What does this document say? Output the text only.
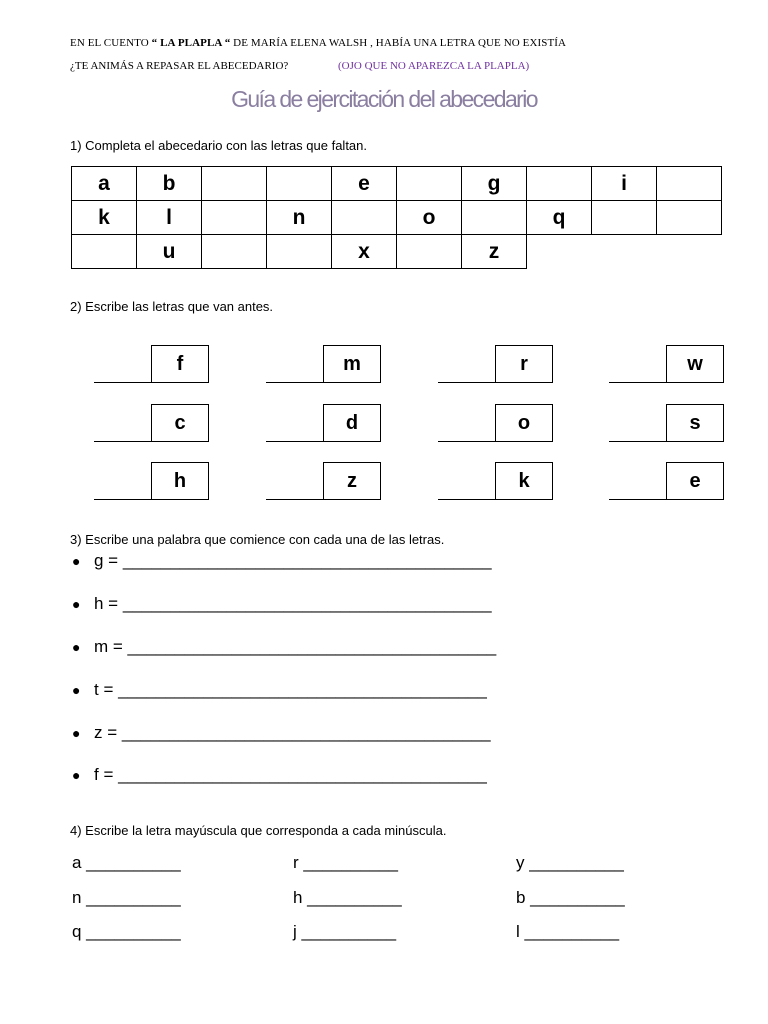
EN EL CUENTO “ LA PLAPLA “ DE MARÍA ELENA WALSH , HABÍA UNA LETRA QUE NO EXISTÍA
¿TE ANIMÁS A REPASAR EL ABECEDARIO?	(OJO QUE NO APAREZCA LA PLAPLA)
Guía de ejercitación del abecedario
1) Completa el abecedario con las letras que faltan.
a	b			e		g		i	
k	l		n		o		q		
	u			x		z			
2) Escribe las letras que van antes.
f	m	r	w
c	d	o	s
h	z	k	e
3) Escribe una palabra que comience con cada una de las letras.
● g = _______________________________________
● h = _______________________________________
● m = _______________________________________
● t = _______________________________________
● z = _______________________________________
● f = _______________________________________
4) Escribe la letra mayúscula que corresponda a cada minúscula.
a __________	r __________	y __________
n __________	h __________	b __________
q __________	j __________	l __________
